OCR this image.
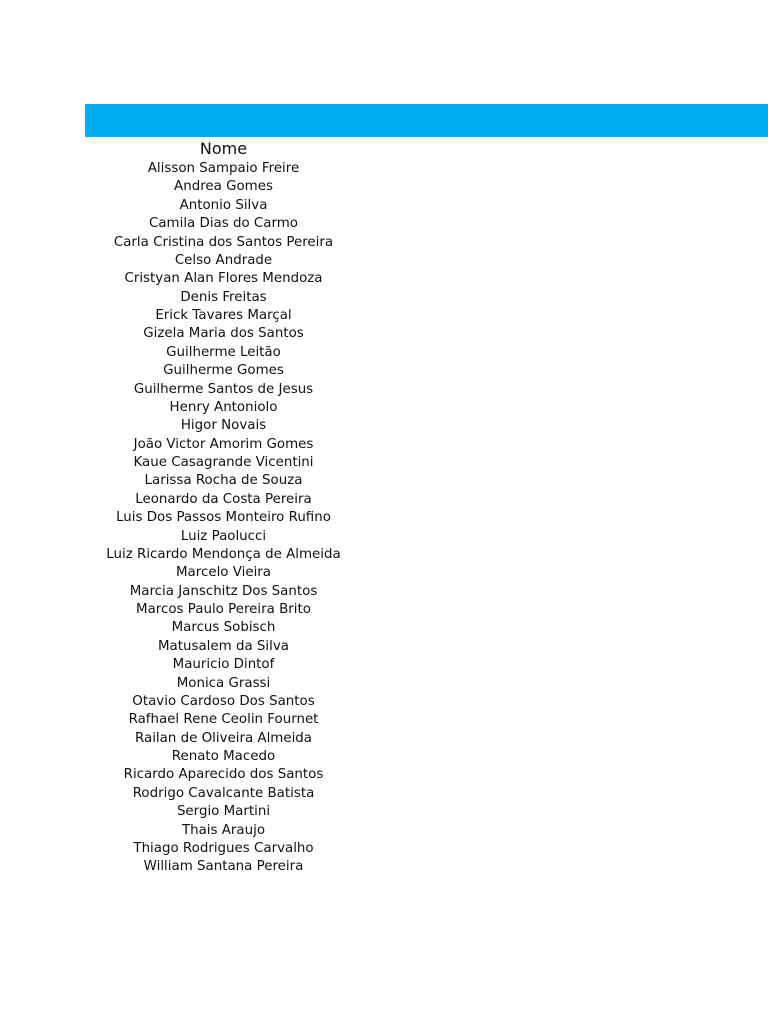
Nome
Alisson Sampaio Freire
Andrea Gomes
Antonio Silva
Camila Dias do Carmo
Carla Cristina dos Santos Pereira
Celso Andrade
Cristyan Alan Flores Mendoza
Denis Freitas
Erick Tavares Marçal
Gizela Maria dos Santos
Guilherme Leitão
Guilherme Gomes
Guilherme Santos de Jesus
Henry Antoniolo
Higor Novais
João Victor Amorim Gomes
Kaue Casagrande Vicentini
Larissa Rocha de Souza
Leonardo da Costa Pereira
Luis Dos Passos Monteiro Rufino
Luiz Paolucci
Luiz Ricardo Mendonça de Almeida
Marcelo Vieira
Marcia Janschitz Dos Santos
Marcos Paulo Pereira Brito
Marcus Sobisch
Matusalem da Silva
Mauricio Dintof
Monica Grassi
Otavio Cardoso Dos Santos
Rafhael Rene Ceolin Fournet
Railan de Oliveira Almeida
Renato Macedo
Ricardo Aparecido dos Santos
Rodrigo Cavalcante Batista
Sergio Martini
Thais Araujo
Thiago Rodrigues Carvalho
William Santana Pereira
